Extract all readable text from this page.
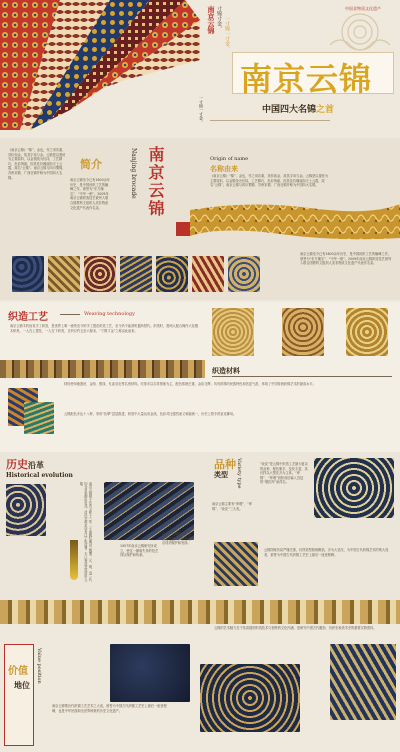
中国非物质文化遗产
南京云锦 寸锦寸金， 一寸锦一寸金。
南京云锦
中国四大名锦之首
一寸锦一寸金。
简介
《南京云锦》“锦”，金也，作之用功重，其价如金，故其字帛与金。云锦是以蚕丝为主要原料，以金银线为纹纬，工艺精巧，色彩绚丽，因其花纹瑰丽如天上云霞，故名“云锦”。南京云锦与四川蜀锦、苏州宋锦、广西壮锦并称为中国四大名锦。
南京云锦至今已有1600余年历史，是中国丝织工艺的巅峰之作，被誉为“东方瑰宝”、“中华一绝”。2009年南京云锦织造技艺被列入联合国教科文组织人类非物质文化遗产代表作名录。
Nanjing brocade 南京云锦	Origin of name
名称由来
《南京云锦》“锦”，金也，作之用功重，其价如金，故其字帛与金。云锦是以蚕丝为主要原料，以金银线为纹纬，工艺精巧，色彩绚丽，因其花纹瑰丽如天上云霞，故名“云锦”。南京云锦与四川蜀锦、苏州宋锦、广西壮锦并称为中国四大名锦。
南京云锦至今已有1600余年历史，是中国丝织工艺的巅峰之作，被誉为“东方瑰宝”、“中华一绝”。2009年南京云锦织造技艺被列入联合国教科文组织人类非物质文化遗产代表作名录。
织造工艺	Weaving technology
南京云锦木机妆花手工织造，是世界上唯一流传至今的手工提花织造工艺，至今仍不能被机器所替代。织造时，需两人配合操作大花楼木织机，一人在上提花，一人在下织造，日织仅约五至六厘米，“寸锦寸金”之称由此而来。
织造材料
材料使用桑蚕丝、金线、银线、孔雀羽毛等名贵材料。纹饰多以吉祥图案为主，配色浓艳庄重，金彩交辉，具有浓厚的民族特色和宫廷气派，体现了中国传统织锦艺术的最高水平。
云锦配色多达十八种，采用“色晕”层层推进，织造中大量运用金线，色彩对比强烈而又和谐统一，历史上曾专供皇室御用。
历史沿革
Historical evolution
南京云锦始于东晋义熙十三年，于南朝时期设立锦署，元、明、清三代均为皇家御用贡品。清代在南京设有江宁织造署，专门督造宫廷所用云锦。
1957年南京云锦研究所成立，使这一濒临失传的技艺得以保护和传承。
今天，云锦作为非物质文化遗产，仍在南京得到保护和发扬。
品种
类型 Variety type
南京云锦主要有“库缎”、“库锦”、“妆花”三大类。
“妆花”是云锦中织造工艺最为复杂的品种，配色繁多，变化丰富，其纹样以大型花卉为主体。“库锦”、“库缎”因织成后输入宫廷的“缎匹库”而得名。
云锦图案布局严谨庄重，纹样造型简练概括，多为大花纹，为中国古代织锦艺术的集大成者，被誉为中国古代织锦工艺史上最后一座里程碑。
价值
地位
Value position
南京云锦集历代织锦工艺艺术之大成，被誉为中国古代织锦工艺史上最后一座里程碑，也是中华民族和全世界珍贵的历史文化遗产。
云锦的艺术魅力在于其高超的织造技术与独特的文化内涵，是研究中国古代服饰、纺织史和美术史的重要实物资料。
